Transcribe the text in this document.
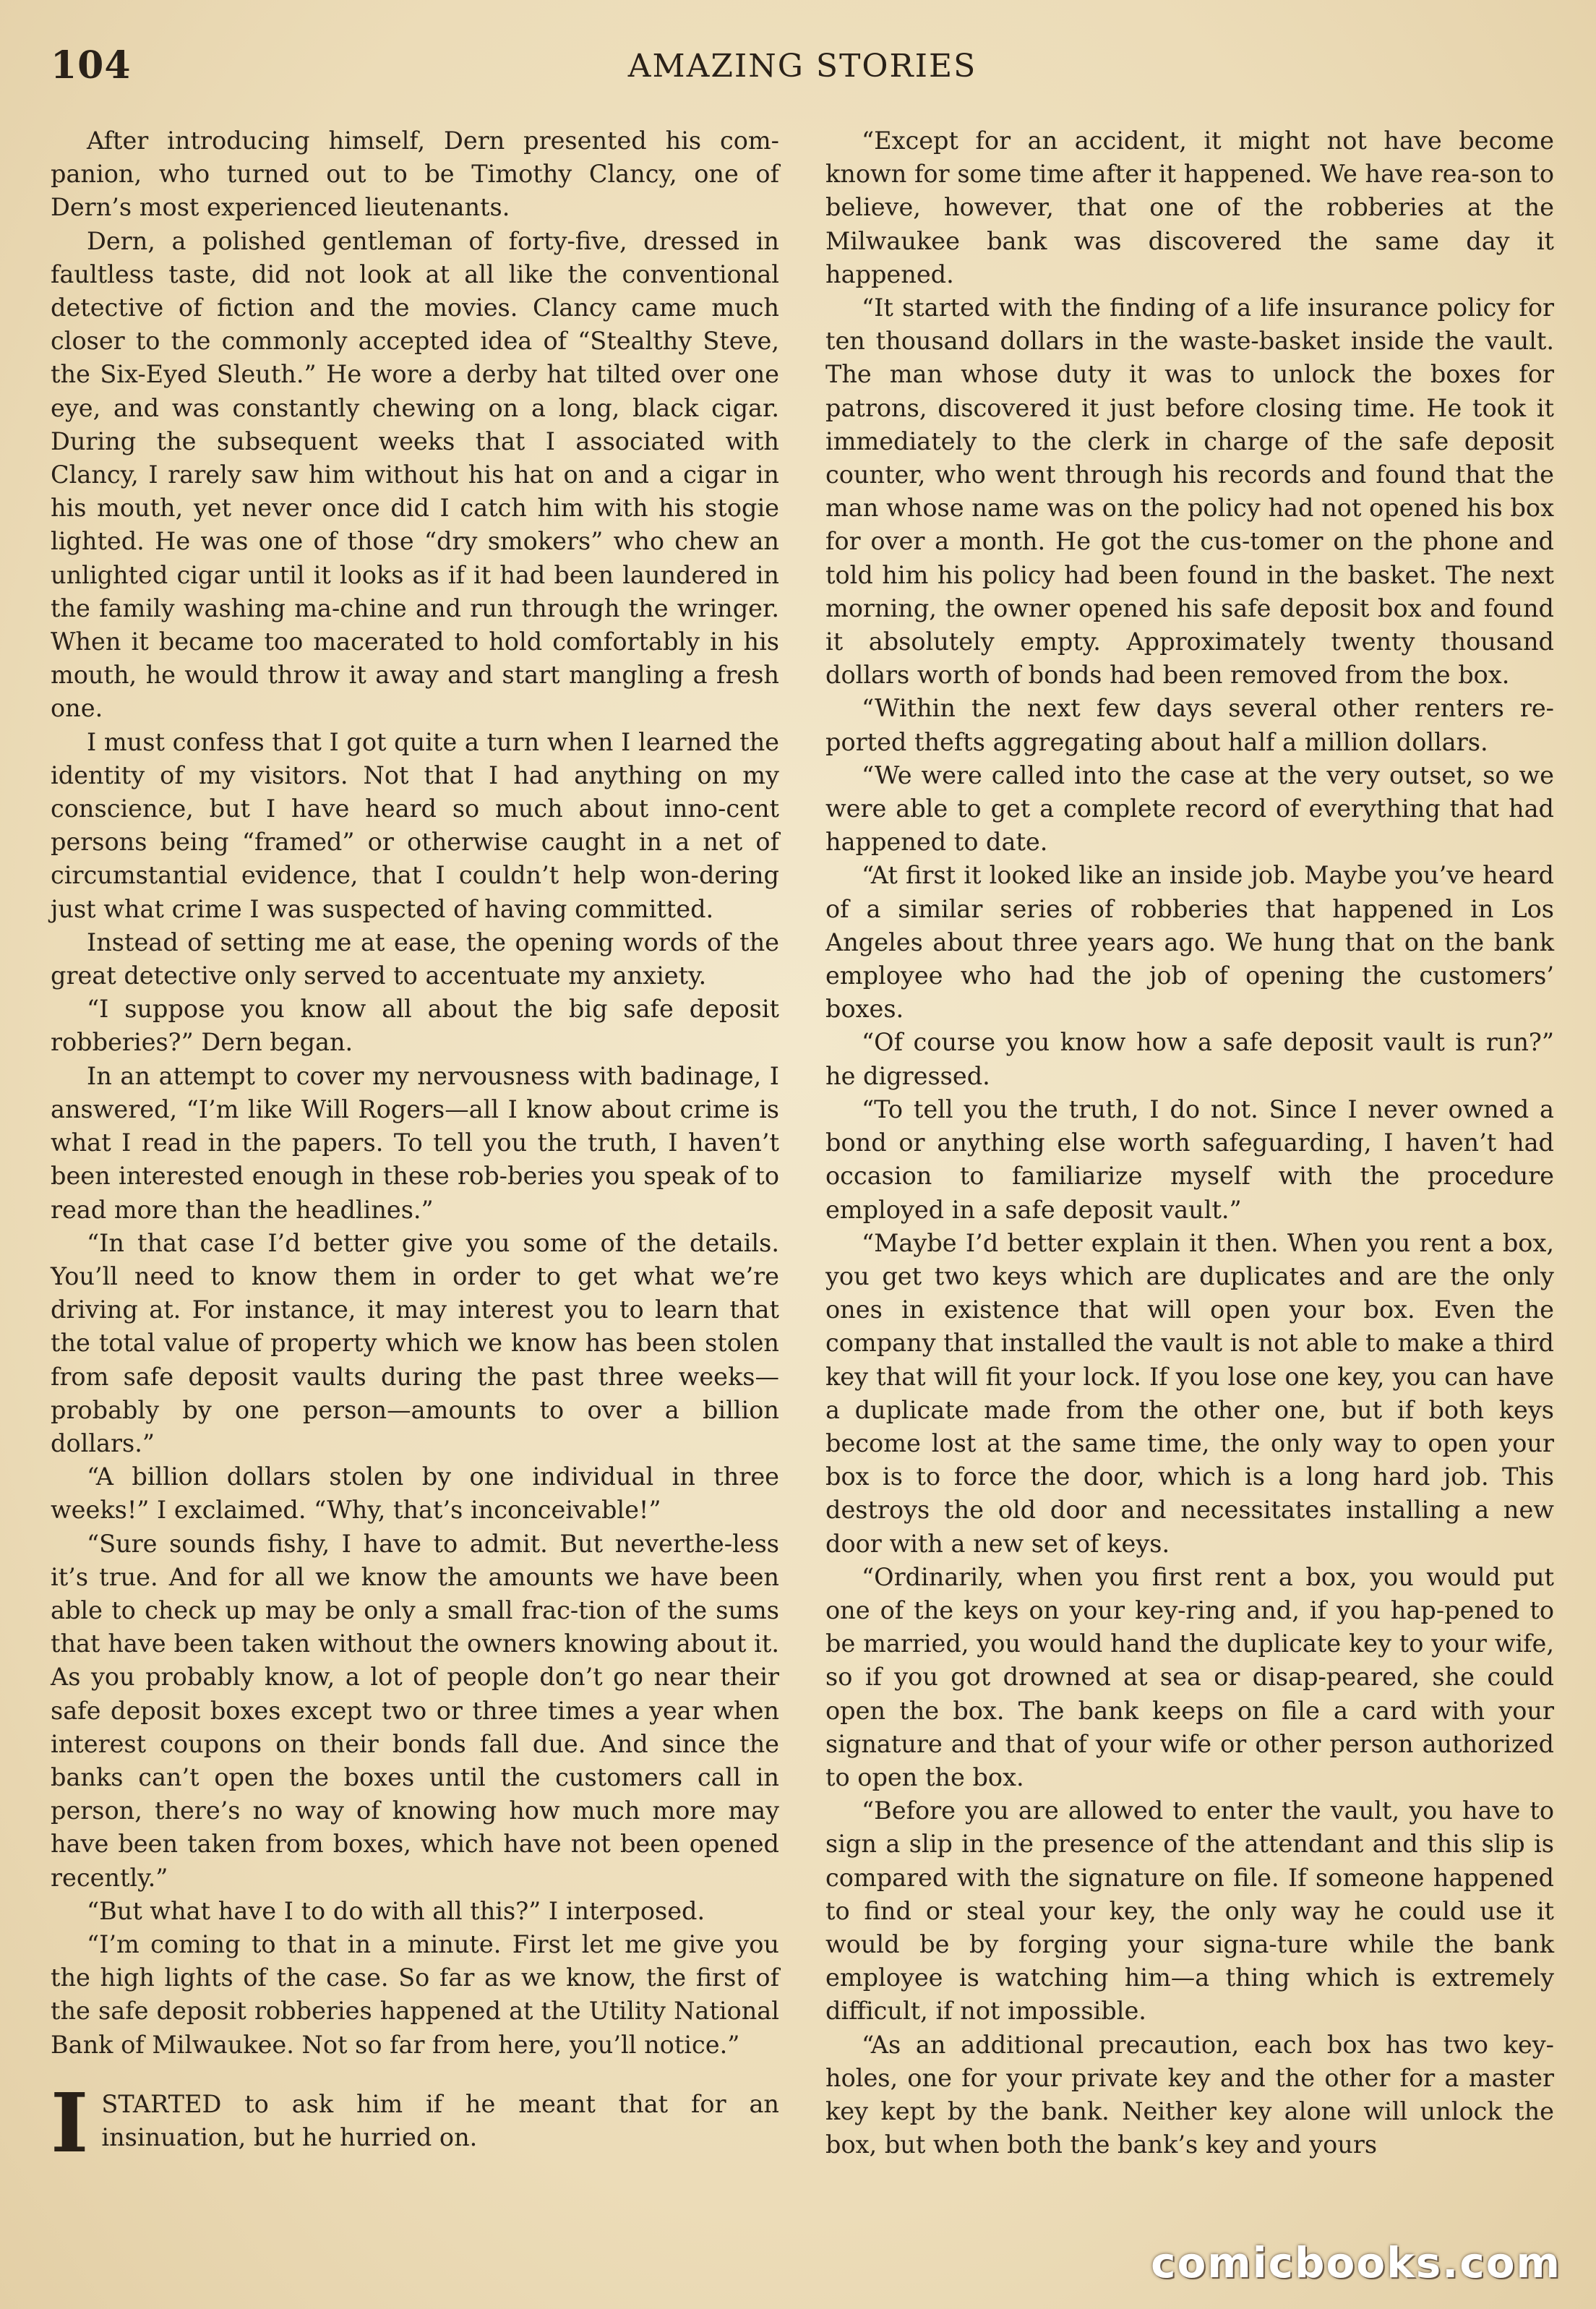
104	AMAZING STORIES

After introducing himself, Dern presented his com-panion, who turned out to be Timothy Clancy, one of Dern’s most experienced lieutenants.

Dern, a polished gentleman of forty-five, dressed in faultless taste, did not look at all like the conventional detective of fiction and the movies. Clancy came much closer to the commonly accepted idea of “Stealthy Steve, the Six-Eyed Sleuth.” He wore a derby hat tilted over one eye, and was constantly chewing on a long, black cigar. During the subsequent weeks that I associated with Clancy, I rarely saw him without his hat on and a cigar in his mouth, yet never once did I catch him with his stogie lighted. He was one of those “dry smokers” who chew an unlighted cigar until it looks as if it had been laundered in the family washing ma-chine and run through the wringer. When it became too macerated to hold comfortably in his mouth, he would throw it away and start mangling a fresh one.

I must confess that I got quite a turn when I learned the identity of my visitors. Not that I had anything on my conscience, but I have heard so much about inno-cent persons being “framed” or otherwise caught in a net of circumstantial evidence, that I couldn’t help won-dering just what crime I was suspected of having committed.

Instead of setting me at ease, the opening words of the great detective only served to accentuate my anxiety.

“I suppose you know all about the big safe deposit robberies?” Dern began.

In an attempt to cover my nervousness with badinage, I answered, “I’m like Will Rogers—all I know about crime is what I read in the papers. To tell you the truth, I haven’t been interested enough in these rob-beries you speak of to read more than the headlines.”

“In that case I’d better give you some of the details. You’ll need to know them in order to get what we’re driving at. For instance, it may interest you to learn that the total value of property which we know has been stolen from safe deposit vaults during the past three weeks—probably by one person—amounts to over a billion dollars.”

“A billion dollars stolen by one individual in three weeks!” I exclaimed. “Why, that’s inconceivable!”

“Sure sounds fishy, I have to admit. But neverthe-less it’s true. And for all we know the amounts we have been able to check up may be only a small frac-tion of the sums that have been taken without the owners knowing about it. As you probably know, a lot of people don’t go near their safe deposit boxes except two or three times a year when interest coupons on their bonds fall due. And since the banks can’t open the boxes until the customers call in person, there’s no way of knowing how much more may have been taken from boxes, which have not been opened recently.”

“But what have I to do with all this?” I interposed.

“I’m coming to that in a minute. First let me give you the high lights of the case. So far as we know, the first of the safe deposit robberies happened at the Utility National Bank of Milwaukee. Not so far from here, you’ll notice.”

ISTARTED to ask him if he meant that for an insinuation, but he hurried on.

“Except for an accident, it might not have become known for some time after it happened. We have rea-son to believe, however, that one of the robberies at the Milwaukee bank was discovered the same day it happened.

“It started with the finding of a life insurance policy for ten thousand dollars in the waste-basket inside the vault. The man whose duty it was to unlock the boxes for patrons, discovered it just before closing time. He took it immediately to the clerk in charge of the safe deposit counter, who went through his records and found that the man whose name was on the policy had not opened his box for over a month. He got the cus-tomer on the phone and told him his policy had been found in the basket. The next morning, the owner opened his safe deposit box and found it absolutely empty. Approximately twenty thousand dollars worth of bonds had been removed from the box.

“Within the next few days several other renters re-ported thefts aggregating about half a million dollars.

“We were called into the case at the very outset, so we were able to get a complete record of everything that had happened to date.

“At first it looked like an inside job. Maybe you’ve heard of a similar series of robberies that happened in Los Angeles about three years ago. We hung that on the bank employee who had the job of opening the customers’ boxes.

“Of course you know how a safe deposit vault is run?” he digressed.

“To tell you the truth, I do not. Since I never owned a bond or anything else worth safeguarding, I haven’t had occasion to familiarize myself with the procedure employed in a safe deposit vault.”

“Maybe I’d better explain it then. When you rent a box, you get two keys which are duplicates and are the only ones in existence that will open your box. Even the company that installed the vault is not able to make a third key that will fit your lock. If you lose one key, you can have a duplicate made from the other one, but if both keys become lost at the same time, the only way to open your box is to force the door, which is a long hard job. This destroys the old door and necessitates installing a new door with a new set of keys.

“Ordinarily, when you first rent a box, you would put one of the keys on your key-ring and, if you hap-pened to be married, you would hand the duplicate key to your wife, so if you got drowned at sea or disap-peared, she could open the box. The bank keeps on file a card with your signature and that of your wife or other person authorized to open the box.

“Before you are allowed to enter the vault, you have to sign a slip in the presence of the attendant and this slip is compared with the signature on file. If someone happened to find or steal your key, the only way he could use it would be by forging your signa-ture while the bank employee is watching him—a thing which is extremely difficult, if not impossible.

“As an additional precaution, each box has two key-holes, one for your private key and the other for a master key kept by the bank. Neither key alone will unlock the box, but when both the bank’s key and yours

comicbooks.com
